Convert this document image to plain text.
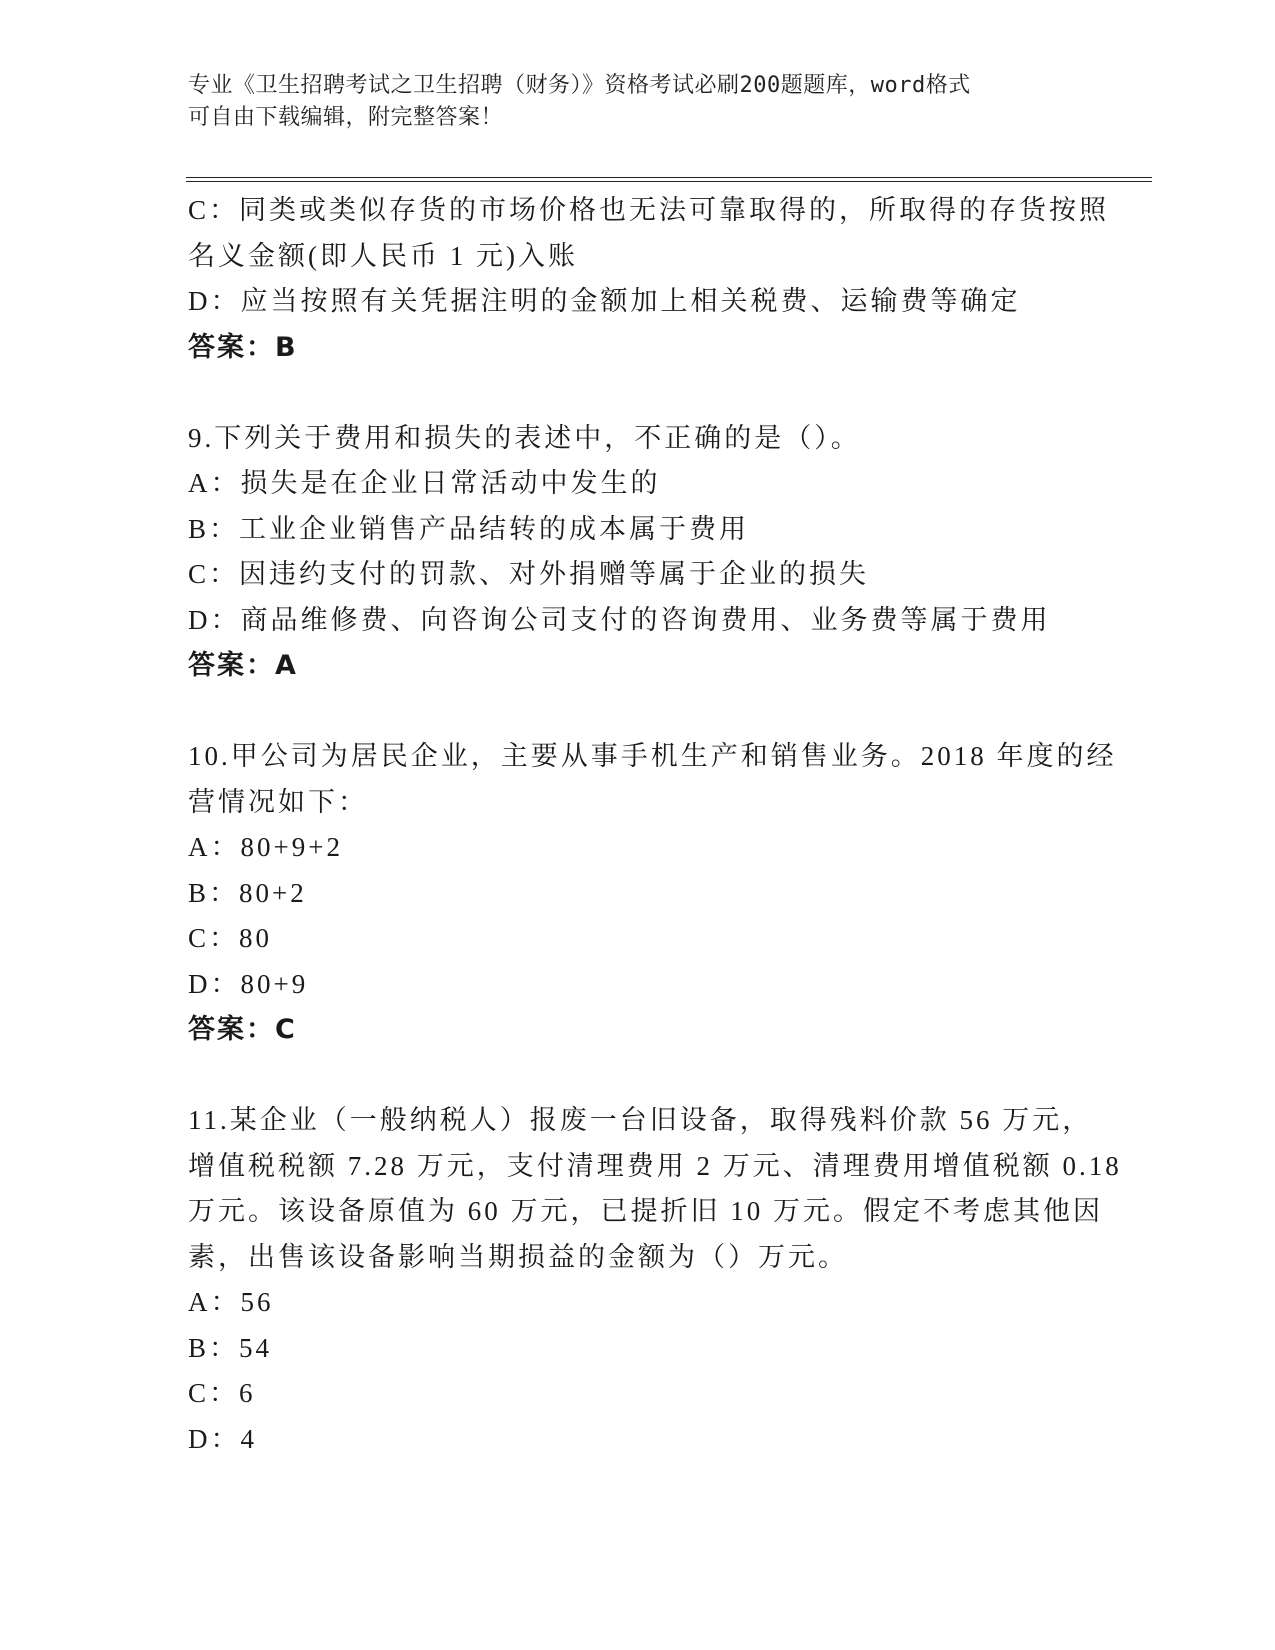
专业《卫生招聘考试之卫生招聘（财务）》资格考试必刷200题题库，word格式
可自由下载编辑，附完整答案！
C：同类或类似存货的市场价格也无法可靠取得的，所取得的存货按照
名义金额(即人民币 1 元)入账
D：应当按照有关凭据注明的金额加上相关税费、运输费等确定
答案：B
9.下列关于费用和损失的表述中，不正确的是（）。
A：损失是在企业日常活动中发生的
B：工业企业销售产品结转的成本属于费用
C：因违约支付的罚款、对外捐赠等属于企业的损失
D：商品维修费、向咨询公司支付的咨询费用、业务费等属于费用
答案：A
10.甲公司为居民企业，主要从事手机生产和销售业务。2018 年度的经
营情况如下：
A：80+9+2
B：80+2
C：80
D：80+9
答案：C
11.某企业（一般纳税人）报废一台旧设备，取得残料价款 56 万元，
增值税税额 7.28 万元，支付清理费用 2 万元、清理费用增值税额 0.18
万元。该设备原值为 60 万元，已提折旧 10 万元。假定不考虑其他因
素，出售该设备影响当期损益的金额为（）万元。
A：56
B：54
C：6
D：4
